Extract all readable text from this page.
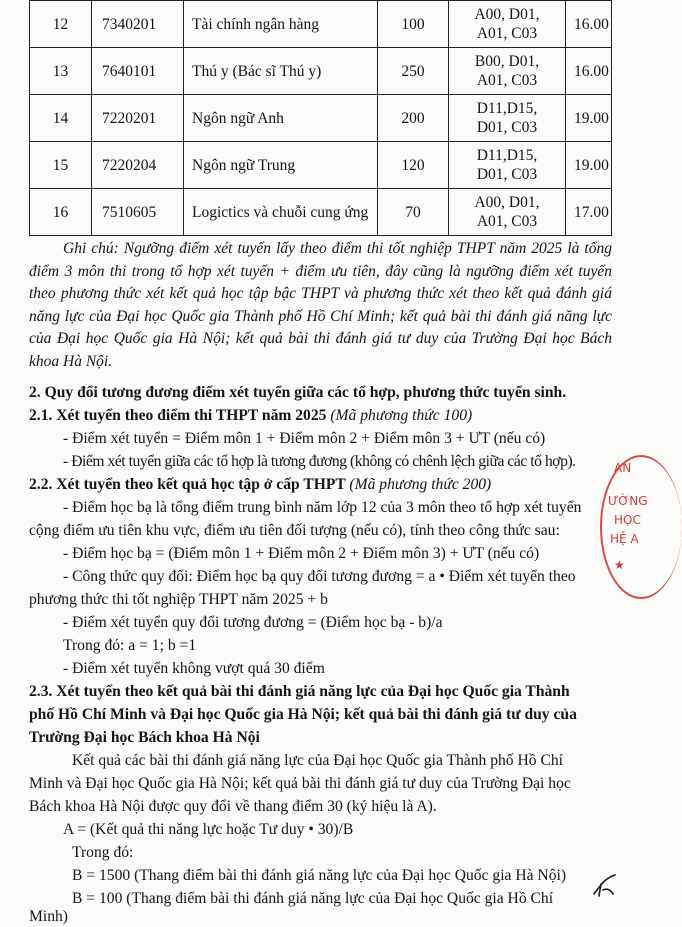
12	7340201	Tài chính ngân hàng	100	A00, D01,
A01, C03	16.00
13	7640101	Thú y (Bác sĩ Thú y)	250	B00, D01,
A01, C03	16.00
14	7220201	Ngôn ngữ Anh	200	D11,D15,
D01, C03	19.00
15	7220204	Ngôn ngữ Trung	120	D11,D15,
D01, C03	19.00
16	7510605	Logictics và chuỗi cung ứng	70	A00, D01,
A01, C03	17.00
Ghi chú: Ngưỡng điểm xét tuyển lấy theo điểm thi tốt nghiệp THPT năm 2025 là tổng điểm 3 môn thi trong tổ hợp xét tuyển + điểm ưu tiên, đây cũng là ngưỡng điểm xét tuyển theo phương thức xét kết quả học tập bậc THPT và phương thức xét theo kết quả đánh giá năng lực của Đại học Quốc gia Thành phố Hồ Chí Minh; kết quả bài thi đánh giá năng lực của Đại học Quốc gia Hà Nội; kết quả bài thi đánh giá tư duy của Trường Đại học Bách khoa Hà Nội.
2. Quy đổi tương đương điểm xét tuyển giữa các tổ hợp, phương thức tuyển sinh.
2.1. Xét tuyển theo điểm thi THPT năm 2025 (Mã phương thức 100)
- Điểm xét tuyển = Điểm môn 1 + Điểm môn 2 + Điểm môn 3 + ƯT (nếu có)
- Điểm xét tuyển giữa các tổ hợp là tương đương (không có chênh lệch giữa các tổ hợp).
2.2. Xét tuyển theo kết quả học tập ở cấp THPT (Mã phương thức 200)
- Điểm học bạ là tổng điểm trung bình năm lớp 12 của 3 môn theo tổ hợp xét tuyển
cộng điểm ưu tiên khu vực, điểm ưu tiên đối tượng (nếu có), tính theo công thức sau:
- Điểm học bạ = (Điểm môn 1 + Điểm môn 2 + Điểm môn 3) + ƯT (nếu có)
- Công thức quy đổi: Điểm học bạ quy đổi tương đương = a • Điểm xét tuyển theo
phương thức thi tốt nghiệp THPT năm 2025 + b
- Điểm xét tuyển quy đổi tương đương = (Điểm học bạ - b)/a
Trong đó: a = 1; b =1
- Điểm xét tuyển không vượt quá 30 điểm
2.3. Xét tuyển theo kết quả bài thi đánh giá năng lực của Đại học Quốc gia Thành
phố Hồ Chí Minh và Đại học Quốc gia Hà Nội; kết quả bài thi đánh giá tư duy của
Trường Đại học Bách khoa Hà Nội
Kết quả các bài thi đánh giá năng lực của Đại học Quốc gia Thành phố Hồ Chí
Minh và Đại học Quốc gia Hà Nội; kết quả bài thi đánh giá tư duy của Trường Đại học
Bách khoa Hà Nội được quy đổi về thang điểm 30 (ký hiệu là A).
A = (Kết quả thi năng lực hoặc Tư duy • 30)/B
Trong đó:
B = 1500 (Thang điểm bài thi đánh giá năng lực của Đại học Quốc gia Hà Nội)
B = 100 (Thang điểm bài thi đánh giá năng lực của Đại học Quốc gia Hồ Chí
Minh)
AN
ƯỜNG
HỌC
HỆ A
★
